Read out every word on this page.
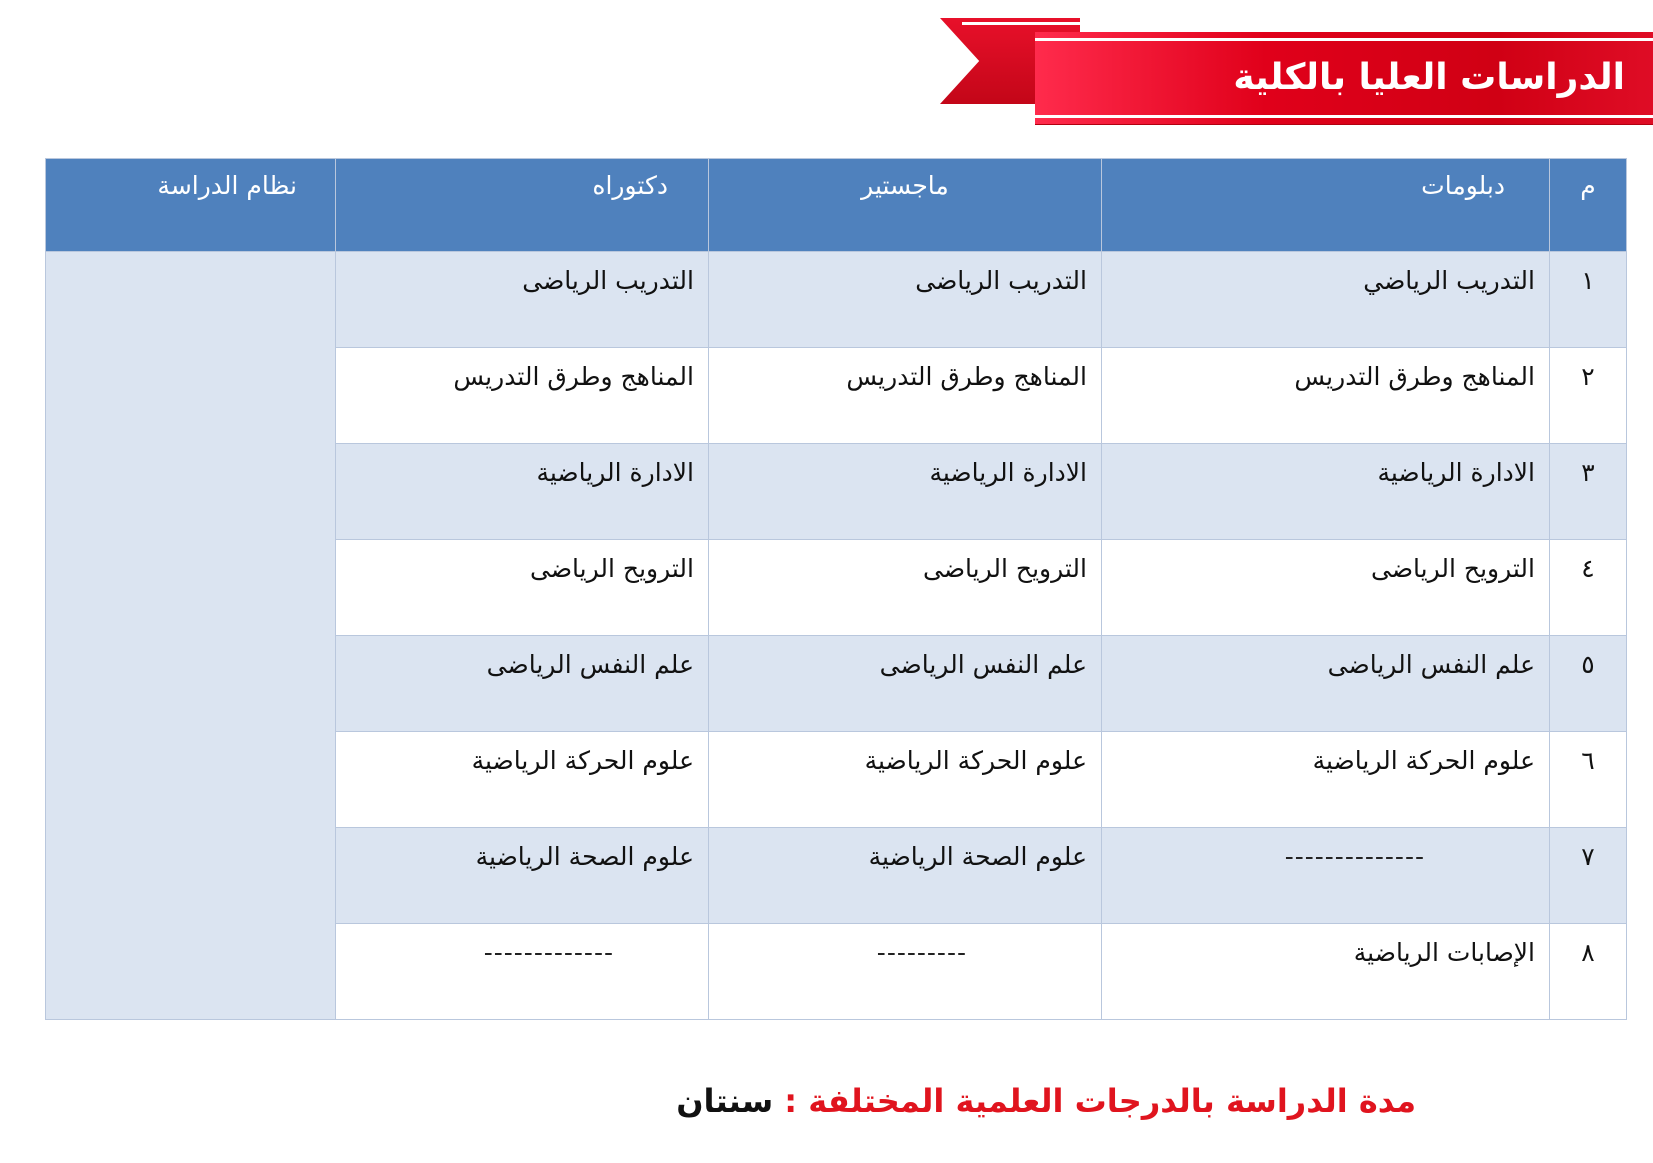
الدراسات العليا بالكلية
م	دبلومات	ماجستير	دكتوراه	نظام الدراسة
١	التدريب الرياضي	التدريب الرياضى	التدريب الرياضى	
٢	المناهج وطرق التدريس	المناهج وطرق التدريس	المناهج وطرق التدريس	
٣	الادارة الرياضية	الادارة الرياضية	الادارة الرياضية	
٤	الترويح الرياضى	الترويح الرياضى	الترويح الرياضى	
٥	علم النفس الرياضى	علم النفس الرياضى	علم النفس الرياضى	
٦	علوم الحركة الرياضية	علوم الحركة الرياضية	علوم الحركة الرياضية	
٧	--------------	علوم الصحة الرياضية	علوم الصحة الرياضية	
٨	الإصابات الرياضية	---------	-------------	
مدة الدراسة بالدرجات العلمية المختلفة : سنتان
